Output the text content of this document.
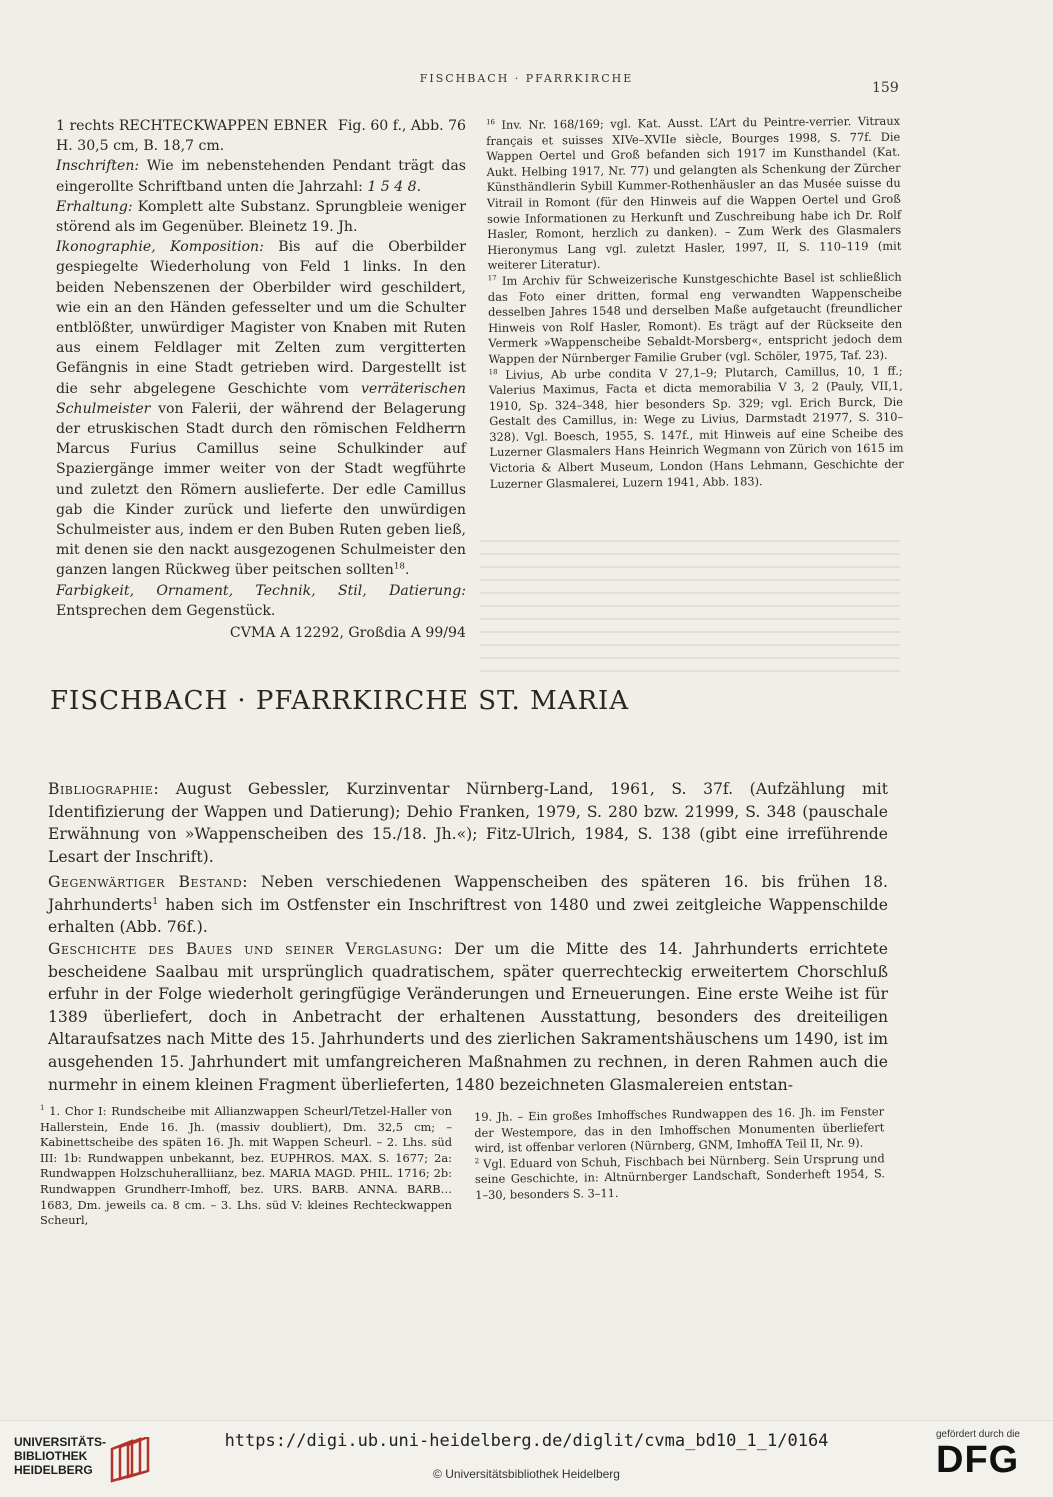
FISCHBACH · PFARRKIRCHE
159
1 rechts RECHTECKWAPPEN EBNER Fig. 60 f., Abb. 76

H. 30,5 cm, B. 18,7 cm.

Inschriften: Wie im nebenstehenden Pendant trägt das eingerollte Schriftband unten die Jahrzahl: 1 5 4 8.

Erhaltung: Komplett alte Substanz. Sprungbleie weniger störend als im Gegenüber. Bleinetz 19. Jh.

Ikonographie, Komposition: Bis auf die Oberbilder gespiegelte Wiederholung von Feld 1 links. In den beiden Nebenszenen der Oberbilder wird geschildert, wie ein an den Händen gefesselter und um die Schulter entblößter, unwürdiger Magister von Knaben mit Ruten aus einem Feldlager mit Zelten zum vergitterten Gefängnis in eine Stadt getrieben wird. Dargestellt ist die sehr abgelegene Geschichte vom verräterischen Schulmeister von Falerii, der während der Belagerung der etruskischen Stadt durch den römischen Feldherrn Marcus Furius Camillus seine Schulkinder auf Spaziergänge immer weiter von der Stadt wegführte und zuletzt den Römern auslieferte. Der edle Camillus gab die Kinder zurück und lieferte den unwürdigen Schulmeister aus, indem er den Buben Ruten geben ließ, mit denen sie den nackt ausgezogenen Schulmeister den ganzen langen Rückweg über peitschen sollten$^{18}$.

Farbigkeit, Ornament, Technik, Stil, Datierung: Entsprechen dem Gegenstück.

CVMA A 12292, Großdia A 99/94

$^{16}$ Inv. Nr. 168/169; vgl. Kat. Ausst. L’Art du Peintre-verrier. Vitraux français et suisses XIVe–XVIIe siècle, Bourges 1998, S. 77f. Die Wappen Oertel und Groß befanden sich 1917 im Kunsthandel (Kat. Aukt. Helbing 1917, Nr. 77) und gelangten als Schenkung der Zürcher Künsthändlerin Sybill Kummer-Rothenhäusler an das Musée suisse du Vitrail in Romont (für den Hinweis auf die Wappen Oertel und Groß sowie Informationen zu Herkunft und Zuschreibung habe ich Dr. Rolf Hasler, Romont, herzlich zu danken). – Zum Werk des Glasmalers Hieronymus Lang vgl. zuletzt Hasler, 1997, II, S. 110–119 (mit weiterer Literatur).

$^{17}$ Im Archiv für Schweizerische Kunstgeschichte Basel ist schließlich das Foto einer dritten, formal eng verwandten Wappenscheibe desselben Jahres 1548 und derselben Maße aufgetaucht (freundlicher Hinweis von Rolf Hasler, Romont). Es trägt auf der Rückseite den Vermerk »Wappenscheibe Sebaldt-Morsberg«, entspricht jedoch dem Wappen der Nürnberger Familie Gruber (vgl. Schöler, 1975, Taf. 23).

$^{18}$ Livius, Ab urbe condita V 27,1–9; Plutarch, Camillus, 10, 1 ff.; Valerius Maximus, Facta et dicta memorabilia V 3, 2 (Pauly, VII,1, 1910, Sp. 324–348, hier besonders Sp. 329; vgl. Erich Burck, Die Gestalt des Camillus, in: Wege zu Livius, Darmstadt 21977, S. 310–328). Vgl. Boesch, 1955, S. 147f., mit Hinweis auf eine Scheibe des Luzerner Glasmalers Hans Heinrich Wegmann von Zürich von 1615 im Victoria & Albert Museum, London (Hans Lehmann, Geschichte der Luzerner Glasmalerei, Luzern 1941, Abb. 183).

FISCHBACH · PFARRKIRCHE ST. MARIA

Bibliographie: August Gebessler, Kurzinventar Nürnberg-Land, 1961, S. 37f. (Aufzählung mit Identifizierung der Wappen und Datierung); Dehio Franken, 1979, S. 280 bzw. 21999, S. 348 (pauschale Erwähnung von »Wappenscheiben des 15./18. Jh.«); Fitz-Ulrich, 1984, S. 138 (gibt eine irreführende Lesart der Inschrift).

Gegenwärtiger Bestand: Neben verschiedenen Wappenscheiben des späteren 16. bis frühen 18. Jahrhunderts$^1$ haben sich im Ostfenster ein Inschriftrest von 1480 und zwei zeitgleiche Wappenschilde erhalten (Abb. 76f.).

Geschichte des Baues und seiner Verglasung: Der um die Mitte des 14. Jahrhunderts errichtete bescheidene Saalbau mit ursprünglich quadratischem, später querrechteckig erweitertem Chorschluß erfuhr in der Folge wiederholt geringfügige Veränderungen und Erneuerungen. Eine erste Weihe ist für 1389 überliefert, doch in Anbetracht der erhaltenen Ausstattung, besonders des dreiteiligen Altaraufsatzes nach Mitte des 15. Jahrhunderts und des zierlichen Sakramentshäuschens um 1490, ist im ausgehenden 15. Jahrhundert mit umfangreicheren Maßnahmen zu rechnen, in deren Rahmen auch die nurmehr in einem kleinen Fragment überlieferten, 1480 bezeichneten Glasmalereien entstan-

$^1$ 1. Chor I: Rundscheibe mit Allianzwappen Scheurl/Tetzel-Haller von Hallerstein, Ende 16. Jh. (massiv doubliert), Dm. 32,5 cm; – Kabinettscheibe des späten 16. Jh. mit Wappen Scheurl. – 2. Lhs. süd III: 1b: Rundwappen unbekannt, bez. EUPHROS. MAX. S. 1677; 2a: Rundwappen Holzschuheralliianz, bez. MARIA MAGD. PHIL. 1716; 2b: Rundwappen Grundherr-Imhoff, bez. URS. BARB. ANNA. BARB… 1683, Dm. jeweils ca. 8 cm. – 3. Lhs. süd V: kleines Rechteckwappen Scheurl,

19. Jh. – Ein großes Imhoffsches Rundwappen des 16. Jh. im Fenster der Westempore, das in den Imhoffschen Monumenten überliefert wird, ist offenbar verloren (Nürnberg, GNM, ImhoffA Teil II, Nr. 9).

$^2$ Vgl. Eduard von Schuh, Fischbach bei Nürnberg. Sein Ursprung und seine Geschichte, in: Altnürnberger Landschaft, Sonderheft 1954, S. 1–30, besonders S. 3–11.

UNIVERSITÄTS-
BIBLIOTHEK
HEIDELBERG
https://digi.ub.uni-heidelberg.de/diglit/cvma_bd10_1_1/0164
© Universitätsbibliothek Heidelberg
gefördert durch die
DFG
